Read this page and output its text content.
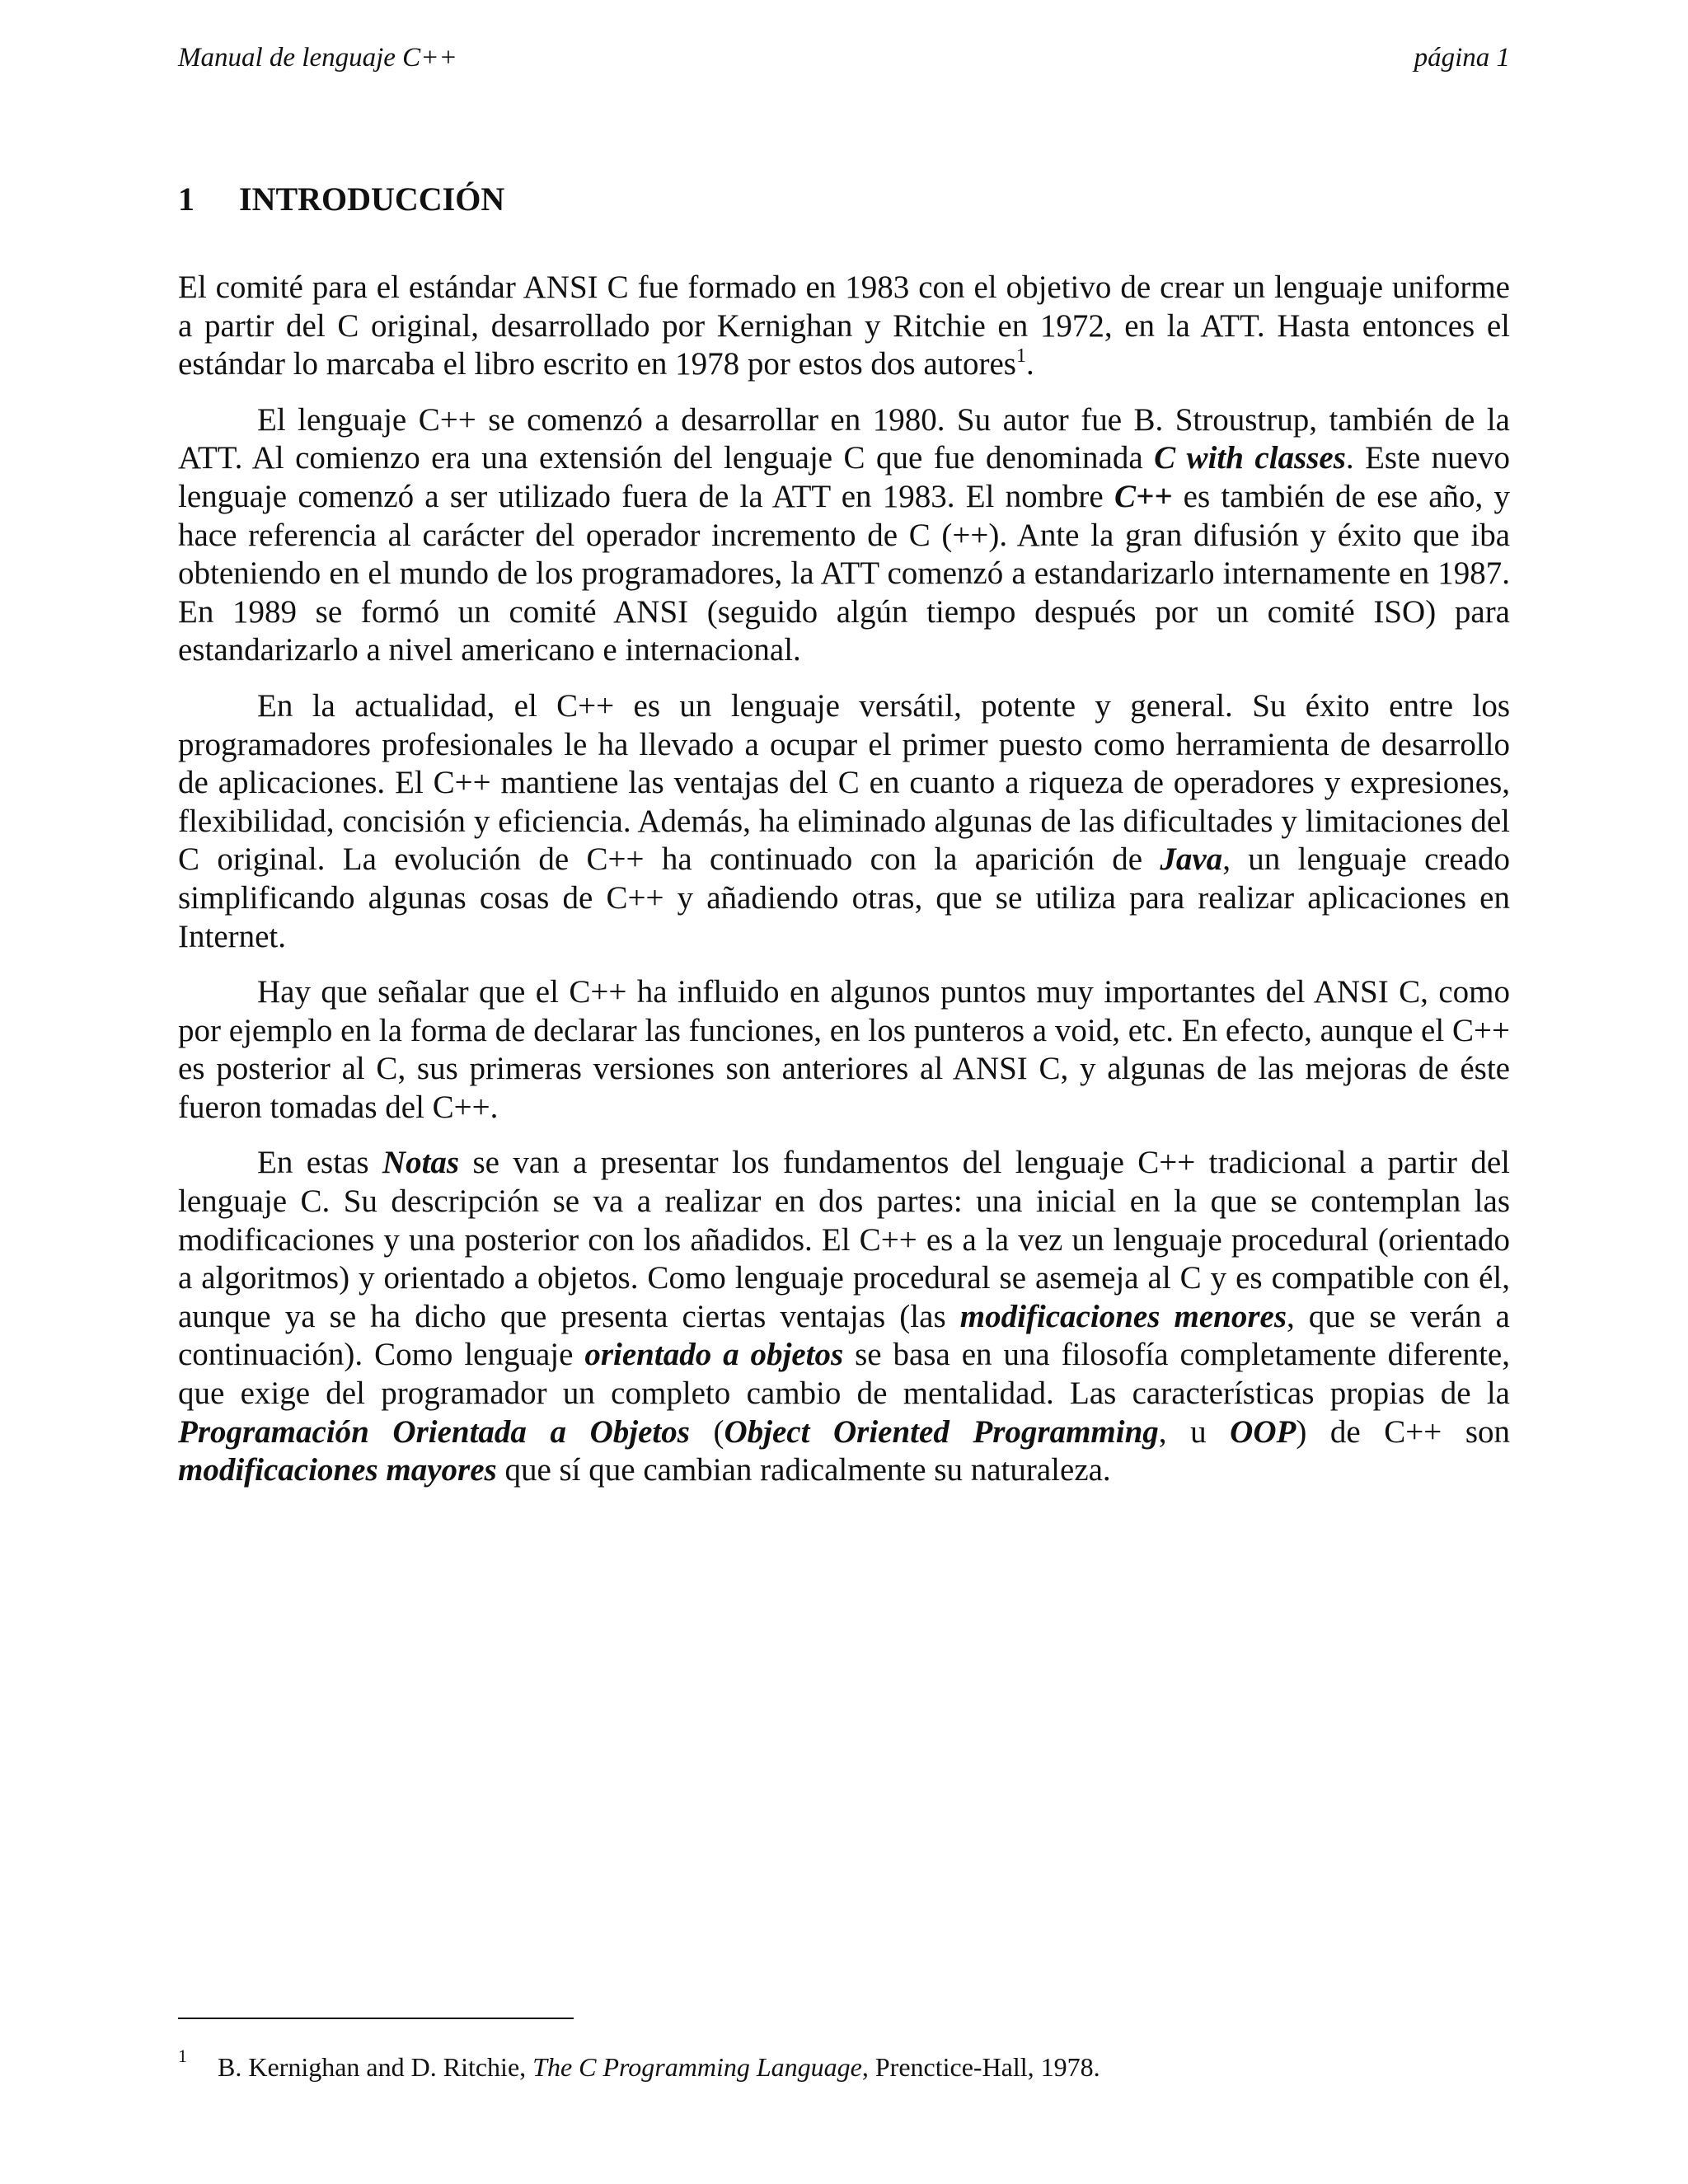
Manual de lenguaje C++	página 1
1 INTRODUCCIÓN

El comité para el estándar ANSI C fue formado en 1983 con el objetivo de crear un lenguaje uniforme a partir del C original, desarrollado por Kernighan y Ritchie en 1972, en la ATT. Hasta entonces el estándar lo marcaba el libro escrito en 1978 por estos dos autores$^1$.

El lenguaje C++ se comenzó a desarrollar en 1980. Su autor fue B. Stroustrup, también de la ATT. Al comienzo era una extensión del lenguaje C que fue denominada C with classes. Este nuevo lenguaje comenzó a ser utilizado fuera de la ATT en 1983. El nombre C++ es también de ese año, y hace referencia al carácter del operador incremento de C (++). Ante la gran difusión y éxito que iba obteniendo en el mundo de los programadores, la ATT comenzó a estandarizarlo internamente en 1987. En 1989 se formó un comité ANSI (seguido algún tiempo después por un comité ISO) para estandarizarlo a nivel americano e internacional.

En la actualidad, el C++ es un lenguaje versátil, potente y general. Su éxito entre los programadores profesionales le ha llevado a ocupar el primer puesto como herramienta de desarrollo de aplicaciones. El C++ mantiene las ventajas del C en cuanto a riqueza de operadores y expresiones, flexibilidad, concisión y eficiencia. Además, ha eliminado algunas de las dificultades y limitaciones del C original. La evolución de C++ ha continuado con la aparición de Java, un lenguaje creado simplificando algunas cosas de C++ y añadiendo otras, que se utiliza para realizar aplicaciones en Internet.

Hay que señalar que el C++ ha influido en algunos puntos muy importantes del ANSI C, como por ejemplo en la forma de declarar las funciones, en los punteros a void, etc. En efecto, aunque el C++ es posterior al C, sus primeras versiones son anteriores al ANSI C, y algunas de las mejoras de éste fueron tomadas del C++.

En estas Notas se van a presentar los fundamentos del lenguaje C++ tradicional a partir del lenguaje C. Su descripción se va a realizar en dos partes: una inicial en la que se contemplan las modificaciones y una posterior con los añadidos. El C++ es a la vez un lenguaje procedural (orientado a algoritmos) y orientado a objetos. Como lenguaje procedural se asemeja al C y es compatible con él, aunque ya se ha dicho que presenta ciertas ventajas (las modificaciones menores, que se verán a continuación). Como lenguaje orientado a objetos se basa en una filosofía completamente diferente, que exige del programador un completo cambio de mentalidad. Las características propias de la Programación Orientada a Objetos (Object Oriented Programming, u OOP) de C++ son modificaciones mayores que sí que cambian radicalmente su naturaleza.

1 B. Kernighan and D. Ritchie, The C Programming Language, Prenctice-Hall, 1978.
